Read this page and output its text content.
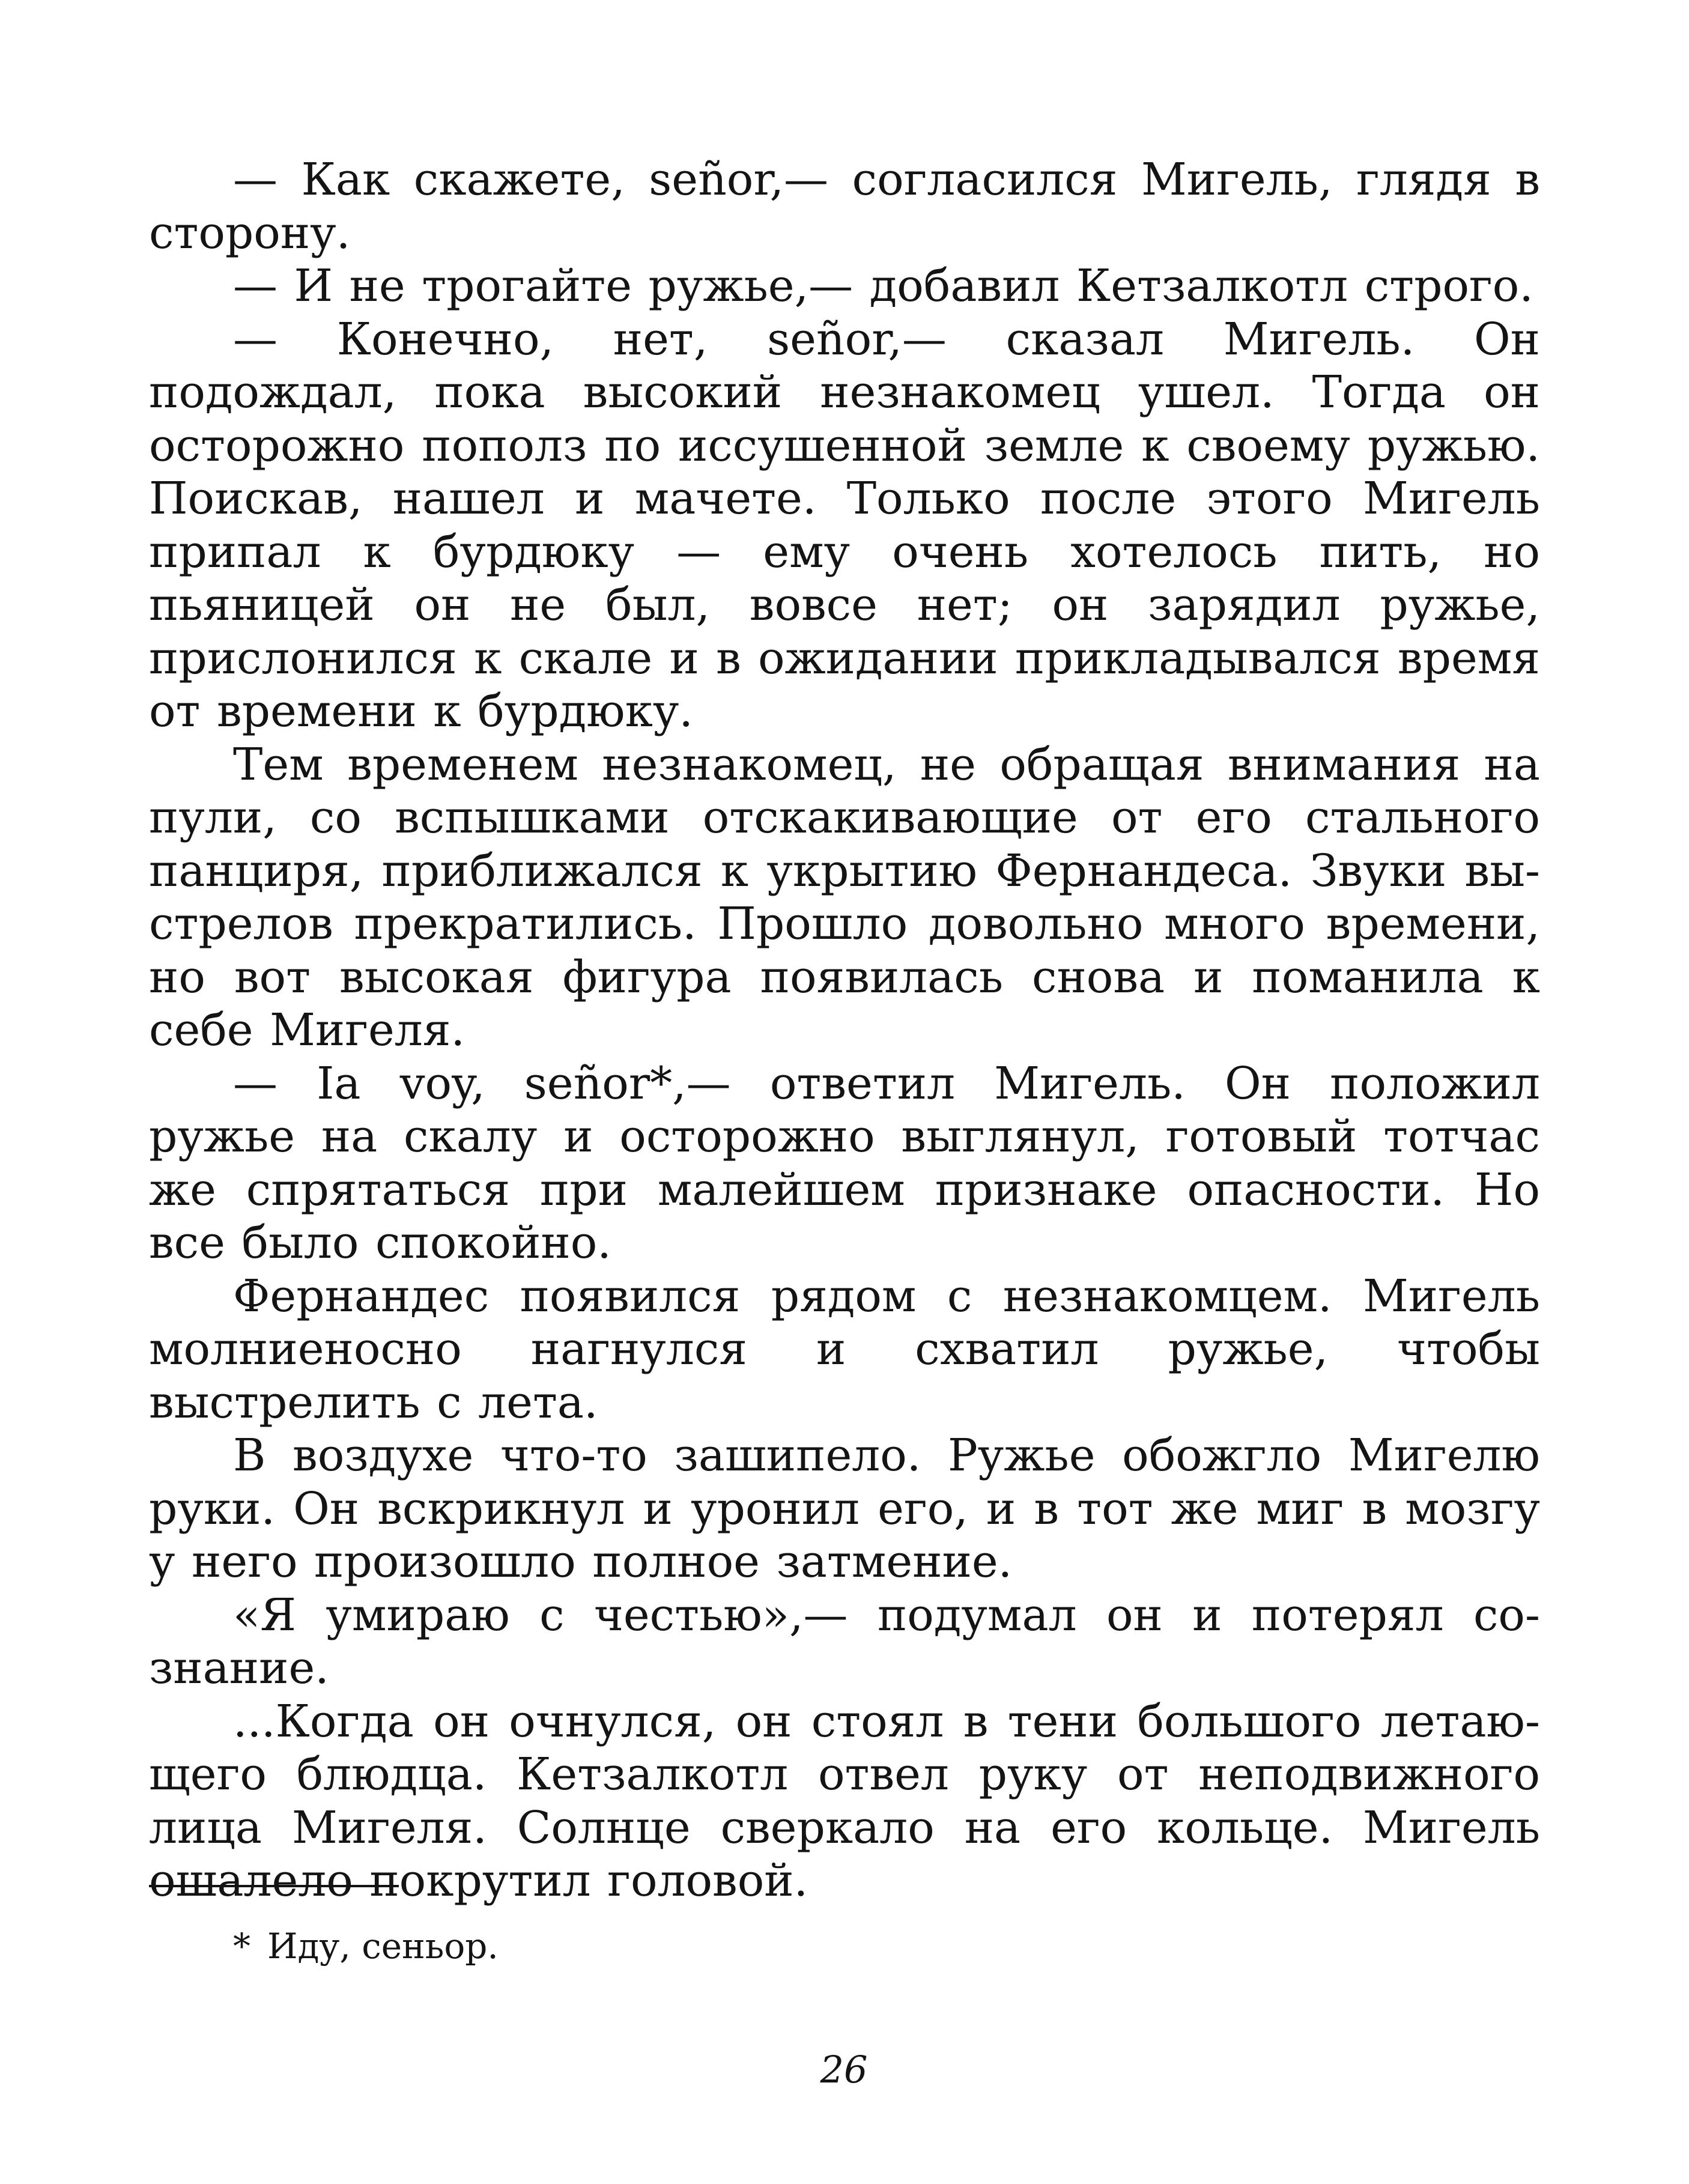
— Как скажете, señor,— согласился Мигель, глядя в сторону.

— И не трогайте ружье,— добавил Кетзалкотл строго.

— Конечно, нет, señor,— сказал Мигель. Он подождал, пока высокий незнакомец ушел. Тогда он осторожно пополз по иссушенной земле к своему ружью. Поискав, нашел и мачете. Только после этого Мигель припал к бурдюку — ему очень хотелось пить, но пьяницей он не был, вовсе нет; он зарядил ружье, прислонился к скале и в ожидании прикладывался время от времени к бурдюку.

Тем временем незнакомец, не обращая внимания на пули, со вспышками отскакивающие от его стального панциря, приближался к укрытию Фернандеса. Звуки выстрелов прекратились. Прошло довольно много времени, но вот высокая фигура появилась снова и поманила к себе Мигеля.

— Ia voy, señor*,— ответил Мигель. Он положил ружье на скалу и осторожно выглянул, готовый тотчас же спрятаться при малейшем признаке опасности. Но все было спокойно.

Фернандес появился рядом с незнакомцем. Мигель молниеносно нагнулся и схватил ружье, чтобы выстрелить с лета.

В воздухе что-то зашипело. Ружье обожгло Мигелю руки. Он вскрикнул и уронил его, и в тот же миг в мозгу у него произошло полное затмение.

«Я умираю с честью»,— подумал он и потерял сознание.

...Когда он очнулся, он стоял в тени большого летающего блюдца. Кетзалкотл отвел руку от неподвижного лица Мигеля. Солнце сверкало на его кольце. Мигель ошалело покрутил головой.

* Иду, сеньор.
26
